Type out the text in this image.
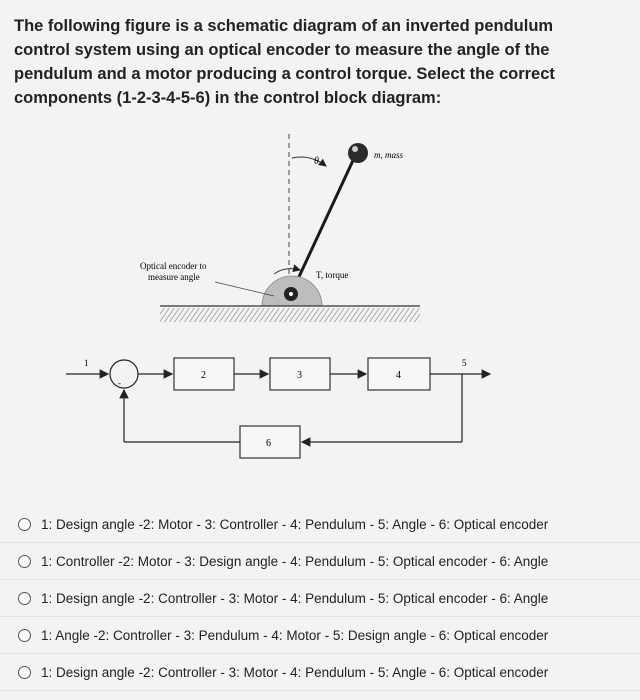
The following figure is a schematic diagram of an inverted pendulum control system using an optical encoder to measure the angle of the pendulum and a motor producing a control torque. Select the correct components (1-2-3-4-5-6) in the control block diagram:
θ
m, mass
T, torque
Optical encoder to
measure angle
1
-
2	3	4
5
6
1: Design angle -2: Motor - 3: Controller - 4: Pendulum - 5: Angle - 6: Optical encoder
1: Controller -2: Motor - 3: Design angle - 4: Pendulum - 5: Optical encoder - 6: Angle
1: Design angle -2: Controller - 3: Motor - 4: Pendulum - 5: Optical encoder - 6: Angle
1: Angle -2: Controller - 3: Pendulum - 4: Motor - 5: Design angle - 6: Optical encoder
1: Design angle -2: Controller - 3: Motor - 4: Pendulum - 5: Angle - 6: Optical encoder
